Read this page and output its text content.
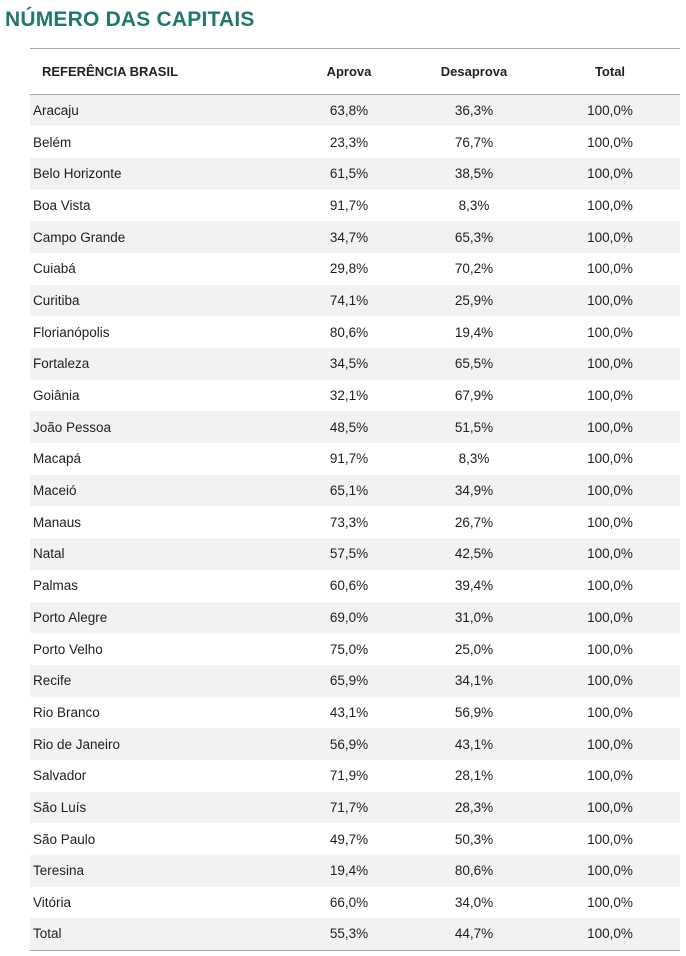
NÚMERO DAS CAPITAIS
REFERÊNCIA BRASIL	Aprova	Desaprova	Total
Aracaju	63,8%	36,3%	100,0%
Belém	23,3%	76,7%	100,0%
Belo Horizonte	61,5%	38,5%	100,0%
Boa Vista	91,7%	8,3%	100,0%
Campo Grande	34,7%	65,3%	100,0%
Cuiabá	29,8%	70,2%	100,0%
Curitiba	74,1%	25,9%	100,0%
Florianópolis	80,6%	19,4%	100,0%
Fortaleza	34,5%	65,5%	100,0%
Goiânia	32,1%	67,9%	100,0%
João Pessoa	48,5%	51,5%	100,0%
Macapá	91,7%	8,3%	100,0%
Maceió	65,1%	34,9%	100,0%
Manaus	73,3%	26,7%	100,0%
Natal	57,5%	42,5%	100,0%
Palmas	60,6%	39,4%	100,0%
Porto Alegre	69,0%	31,0%	100,0%
Porto Velho	75,0%	25,0%	100,0%
Recife	65,9%	34,1%	100,0%
Rio Branco	43,1%	56,9%	100,0%
Rio de Janeiro	56,9%	43,1%	100,0%
Salvador	71,9%	28,1%	100,0%
São Luís	71,7%	28,3%	100,0%
São Paulo	49,7%	50,3%	100,0%
Teresina	19,4%	80,6%	100,0%
Vitória	66,0%	34,0%	100,0%
Total	55,3%	44,7%	100,0%
